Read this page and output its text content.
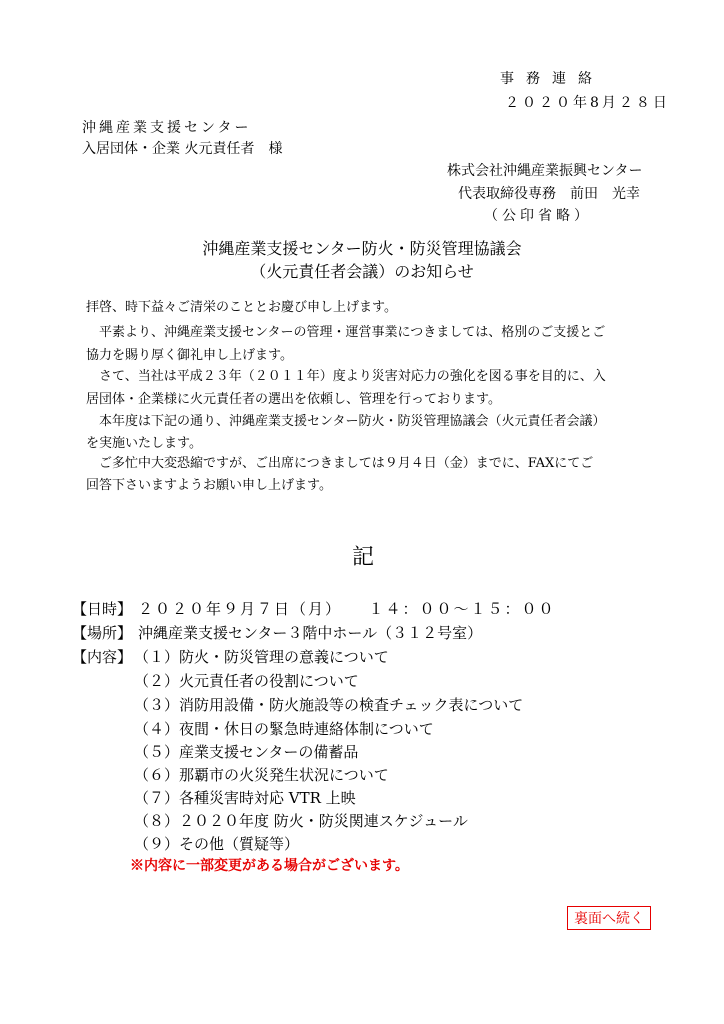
事務連絡
２０２０年8月２８日
沖縄産業支援センター
入居団体・企業 火元責任者　様
株式会社沖縄産業振興センター
代表取締役専務　前田　光幸
（公印省略）
沖縄産業支援センター防火・防災管理協議会
（火元責任者会議）のお知らせ
拝啓、時下益々ご清栄のこととお慶び申し上げます。
　平素より、沖縄産業支援センターの管理・運営事業につきましては、格別のご支援とご
協力を賜り厚く御礼申し上げます。
　さて、当社は平成２３年（２０１１年）度より災害対応力の強化を図る事を目的に、入
居団体・企業様に火元責任者の選出を依頼し、管理を行っております。
　本年度は下記の通り、沖縄産業支援センター防火・防災管理協議会（火元責任者会議）
を実施いたします。
　ご多忙中大変恐縮ですが、ご出席につきましては９月４日（金）までに、FAXにてご
回答下さいますようお願い申し上げます。
記
【日時】 ２０２０年９月７日（月）　　１４：００～１５：００
【場所】 沖縄産業支援センター３階中ホール（３１２号室）
【内容】 （１）防火・防災管理の意義について
（２）火元責任者の役割について
（３）消防用設備・防火施設等の検査チェック表について
（４）夜間・休日の緊急時連絡体制について
（５）産業支援センターの備蓄品
（６）那覇市の火災発生状況について
（７）各種災害時対応 VTR 上映
（８）２０２０年度 防火・防災関連スケジュール
（９）その他（質疑等）
※内容に一部変更がある場合がございます。
裏面へ続く
